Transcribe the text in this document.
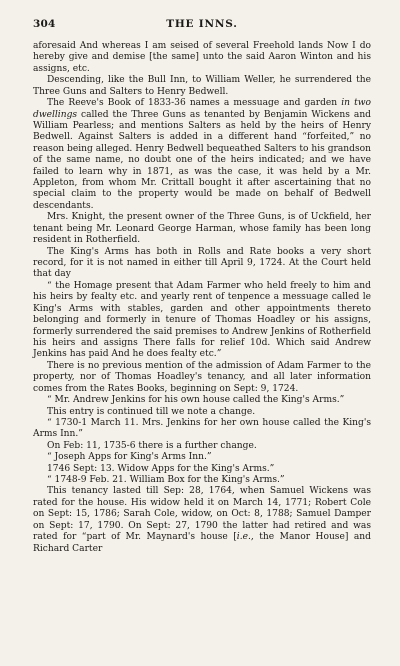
304	THE INNS.

aforesaid And whereas I am seised of several Freehold lands Now I do hereby give and demise [the same] unto the said Aaron Winton and his assigns, etc.

Descending, like the Bull Inn, to William Weller, he surrendered the Three Guns and Salters to Henry Bedwell.

The Reeve's Book of 1833-36 names a messuage and garden in two dwellings called the Three Guns as tenanted by Benjamin Wickens and William Pearless; and mentions Salters as held by the heirs of Henry Bedwell. Against Salters is added in a different hand “forfeited,” no reason being alleged. Henry Bedwell bequeathed Salters to his grandson of the same name, no doubt one of the heirs indicated; and we have failed to learn why in 1871, as was the case, it was held by a Mr. Appleton, from whom Mr. Crittall bought it after ascertaining that no special claim to the property would be made on behalf of Bedwell descendants.

Mrs. Knight, the present owner of the Three Guns, is of Uckfield, her tenant being Mr. Leonard George Harman, whose family has been long resident in Rotherfield.

The King's Arms has both in Rolls and Rate books a very short record, for it is not named in either till April 9, 1724. At the Court held that day

“ the Homage present that Adam Farmer who held freely to him and his heirs by fealty etc. and yearly rent of tenpence a messuage called le King's Arms with stables, garden and other appointments thereto belonging and formerly in tenure of Thomas Hoadley or his assigns, formerly surrendered the said premises to Andrew Jenkins of Rotherfield his heirs and assigns There falls for relief 10d. Which said Andrew Jenkins has paid And he does fealty etc.”

There is no previous mention of the admission of Adam Farmer to the property, nor of Thomas Hoadley's tenancy, and all later information comes from the Rates Books, beginning on Sept: 9, 1724.

“ Mr. Andrew Jenkins for his own house called the King's Arms.”

This entry is continued till we note a change.

“ 1730-1 March 11. Mrs. Jenkins for her own house called the King's Arms Inn.”

On Feb: 11, 1735-6 there is a further change.

“ Joseph Apps for King's Arms Inn.”

1746 Sept: 13. Widow Apps for the King's Arms.”

“ 1748-9 Feb. 21. William Box for the King's Arms.”

This tenancy lasted till Sep: 28, 1764, when Samuel Wickens was rated for the house. His widow held it on March 14, 1771; Robert Cole on Sept: 15, 1786; Sarah Cole, widow, on Oct: 8, 1788; Samuel Damper on Sept: 17, 1790. On Sept: 27, 1790 the latter had retired and was rated for “part of Mr. Maynard's house [i.e., the Manor House] and Richard Carter
